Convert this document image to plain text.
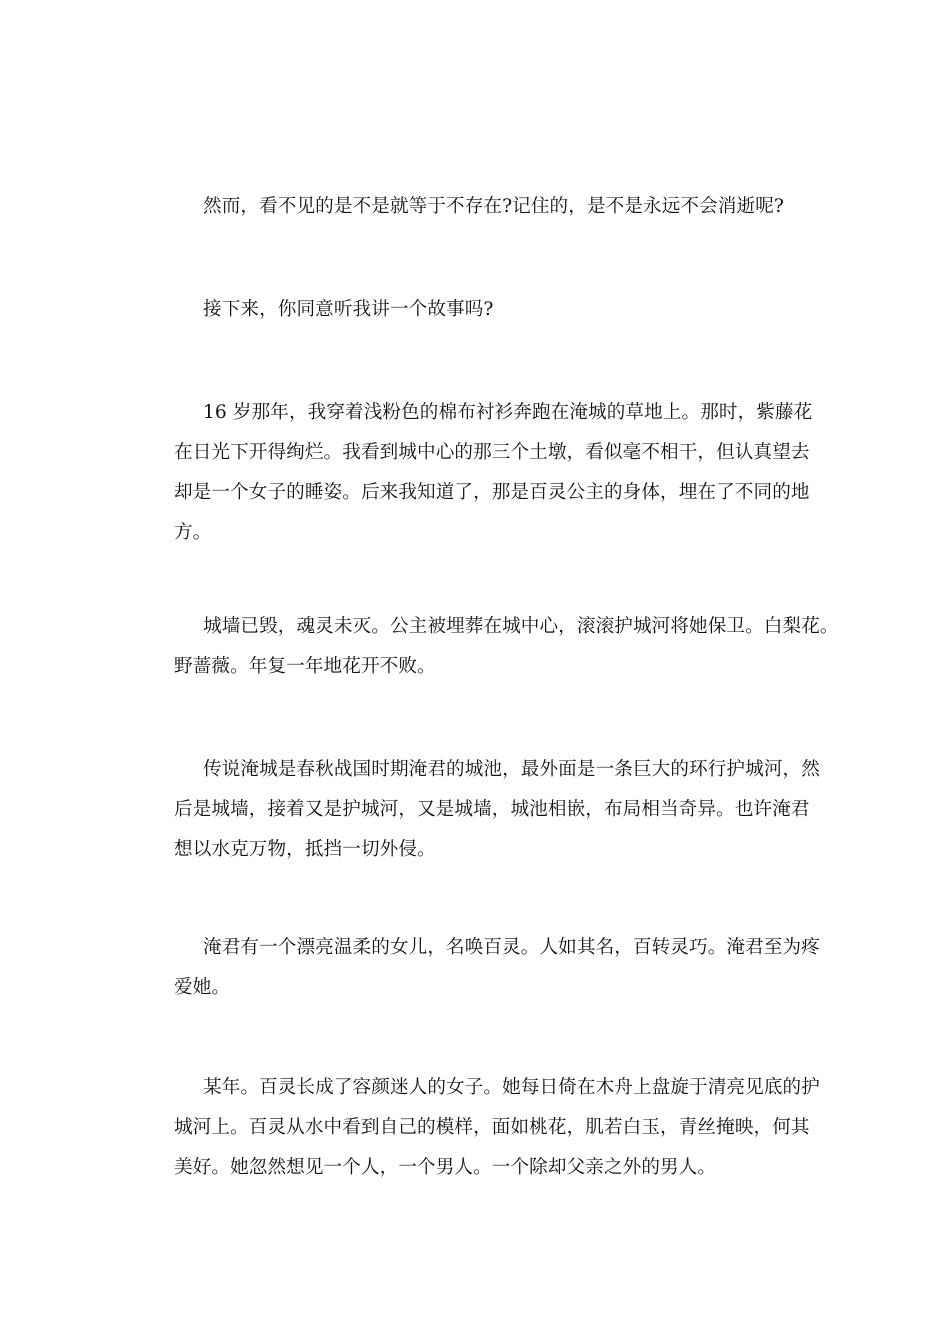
然而，看不见的是不是就等于不存在?记住的，是不是永远不会消逝呢?
接下来，你同意听我讲一个故事吗?
16 岁那年，我穿着浅粉色的棉布衬衫奔跑在淹城的草地上。那时，紫藤花
在日光下开得绚烂。我看到城中心的那三个土墩，看似毫不相干，但认真望去
却是一个女子的睡姿。后来我知道了，那是百灵公主的身体，埋在了不同的地
方。
城墙已毁，魂灵未灭。公主被埋葬在城中心，滚滚护城河将她保卫。白梨花。
野蔷薇。年复一年地花开不败。
传说淹城是春秋战国时期淹君的城池，最外面是一条巨大的环行护城河，然
后是城墙，接着又是护城河，又是城墙，城池相嵌，布局相当奇异。也许淹君
想以水克万物，抵挡一切外侵。
淹君有一个漂亮温柔的女儿，名唤百灵。人如其名，百转灵巧。淹君至为疼
爱她。
某年。百灵长成了容颜迷人的女子。她每日倚在木舟上盘旋于清亮见底的护
城河上。百灵从水中看到自己的模样，面如桃花，肌若白玉，青丝掩映，何其
美好。她忽然想见一个人，一个男人。一个除却父亲之外的男人。
